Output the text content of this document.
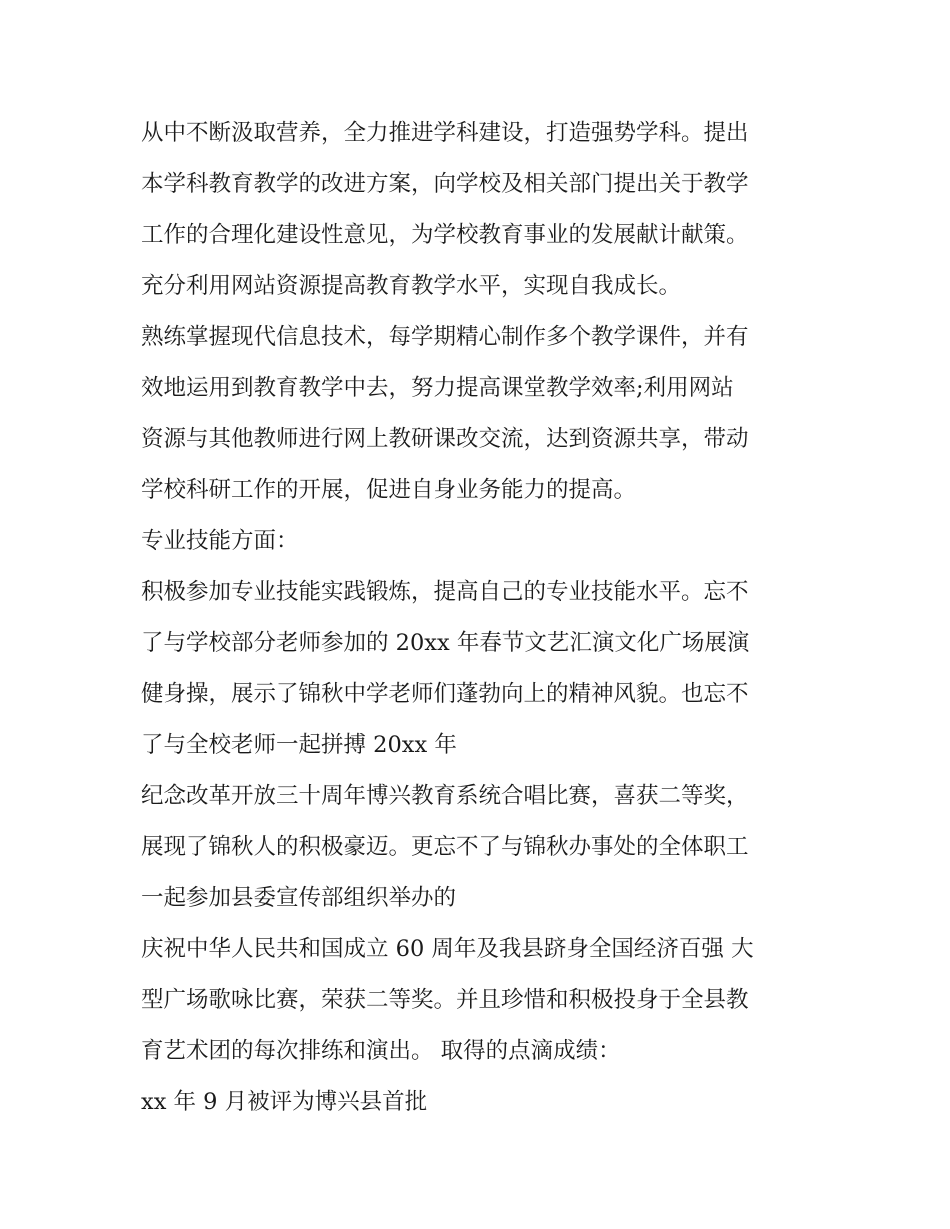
从中不断汲取营养，全力推进学科建设，打造强势学科。提出
本学科教育教学的改进方案，向学校及相关部门提出关于教学
工作的合理化建设性意见，为学校教育事业的发展献计献策。
充分利用网站资源提高教育教学水平，实现自我成长。
熟练掌握现代信息技术，每学期精心制作多个教学课件，并有
效地运用到教育教学中去，努力提高课堂教学效率;利用网站
资源与其他教师进行网上教研课改交流，达到资源共享，带动
学校科研工作的开展，促进自身业务能力的提高。
专业技能方面：
积极参加专业技能实践锻炼，提高自己的专业技能水平。忘不
了与学校部分老师参加的 20xx 年春节文艺汇演文化广场展演
健身操，展示了锦秋中学老师们蓬勃向上的精神风貌。也忘不
了与全校老师一起拼搏 20xx 年
纪念改革开放三十周年博兴教育系统合唱比赛，喜获二等奖，
展现了锦秋人的积极豪迈。更忘不了与锦秋办事处的全体职工
一起参加县委宣传部组织举办的
庆祝中华人民共和国成立 60 周年及我县跻身全国经济百强 大
型广场歌咏比赛，荣获二等奖。并且珍惜和积极投身于全县教
育艺术团的每次排练和演出。 取得的点滴成绩：
xx 年 9 月被评为博兴县首批
